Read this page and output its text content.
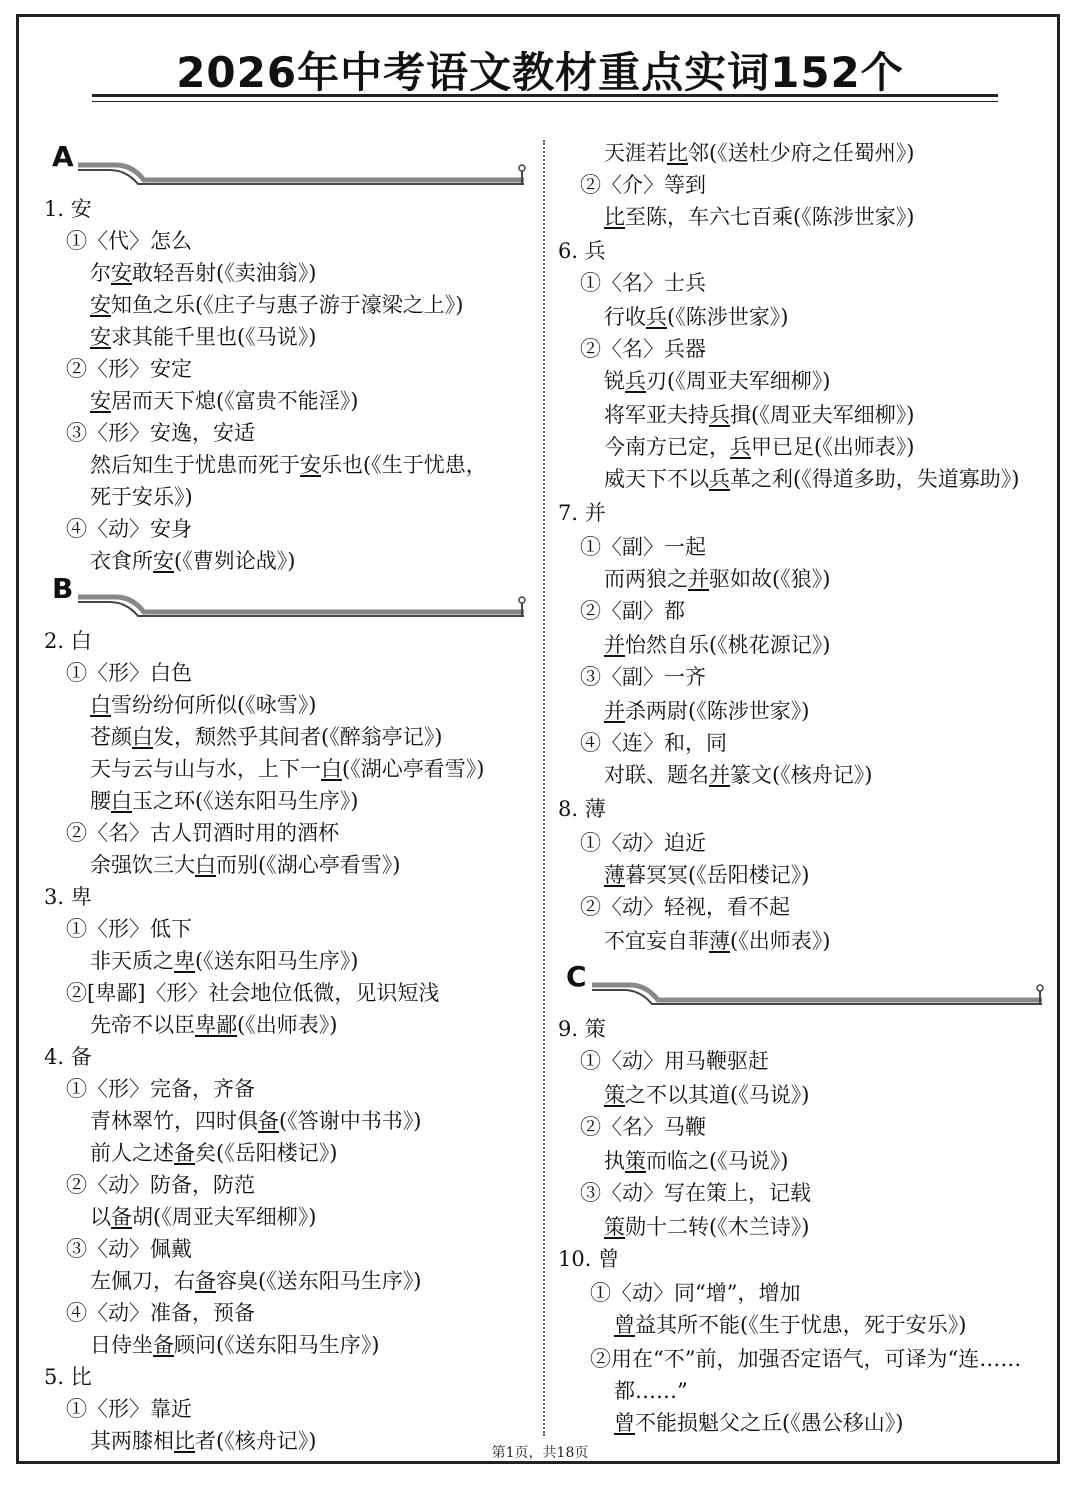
2026年中考语文教材重点实词152个
A
B
C
1. 安
①〈代〉怎么
尔安敢轻吾射(《卖油翁》)
安知鱼之乐(《庄子与惠子游于濠梁之上》)
安求其能千里也(《马说》)
②〈形〉安定
安居而天下熄(《富贵不能淫》)
③〈形〉安逸，安适
然后知生于忧患而死于安乐也(《生于忧患，
死于安乐》)
④〈动〉安身
衣食所安(《曹刿论战》)
2. 白
①〈形〉白色
白雪纷纷何所似(《咏雪》)
苍颜白发，颓然乎其间者(《醉翁亭记》)
天与云与山与水，上下一白(《湖心亭看雪》)
腰白玉之环(《送东阳马生序》)
②〈名〉古人罚酒时用的酒杯
余强饮三大白而别(《湖心亭看雪》)
3. 卑
①〈形〉低下
非天质之卑(《送东阳马生序》)
②[卑鄙]〈形〉社会地位低微，见识短浅
先帝不以臣卑鄙(《出师表》)
4. 备
①〈形〉完备，齐备
青林翠竹，四时俱备(《答谢中书书》)
前人之述备矣(《岳阳楼记》)
②〈动〉防备，防范
以备胡(《周亚夫军细柳》)
③〈动〉佩戴
左佩刀，右备容臭(《送东阳马生序》)
④〈动〉准备，预备
日侍坐备顾问(《送东阳马生序》)
5. 比
①〈形〉靠近
其两膝相比者(《核舟记》)
天涯若比邻(《送杜少府之任蜀州》)
②〈介〉等到
比至陈，车六七百乘(《陈涉世家》)
6. 兵
①〈名〉士兵
行收兵(《陈涉世家》)
②〈名〉兵器
锐兵刃(《周亚夫军细柳》)
将军亚夫持兵揖(《周亚夫军细柳》)
今南方已定，兵甲已足(《出师表》)
威天下不以兵革之利(《得道多助，失道寡助》)
7. 并
①〈副〉一起
而两狼之并驱如故(《狼》)
②〈副〉都
并怡然自乐(《桃花源记》)
③〈副〉一齐
并杀两尉(《陈涉世家》)
④〈连〉和，同
对联、题名并篆文(《核舟记》)
8. 薄
①〈动〉迫近
薄暮冥冥(《岳阳楼记》)
②〈动〉轻视，看不起
不宜妄自菲薄(《出师表》)
9. 策
①〈动〉用马鞭驱赶
策之不以其道(《马说》)
②〈名〉马鞭
执策而临之(《马说》)
③〈动〉写在策上，记载
策勋十二转(《木兰诗》)
10. 曾
①〈动〉同“增”，增加
曾益其所不能(《生于忧患，死于安乐》)
②用在“不”前，加强否定语气，可译为“连……
都……”
曾不能损魁父之丘(《愚公移山》)
第1页，共18页
